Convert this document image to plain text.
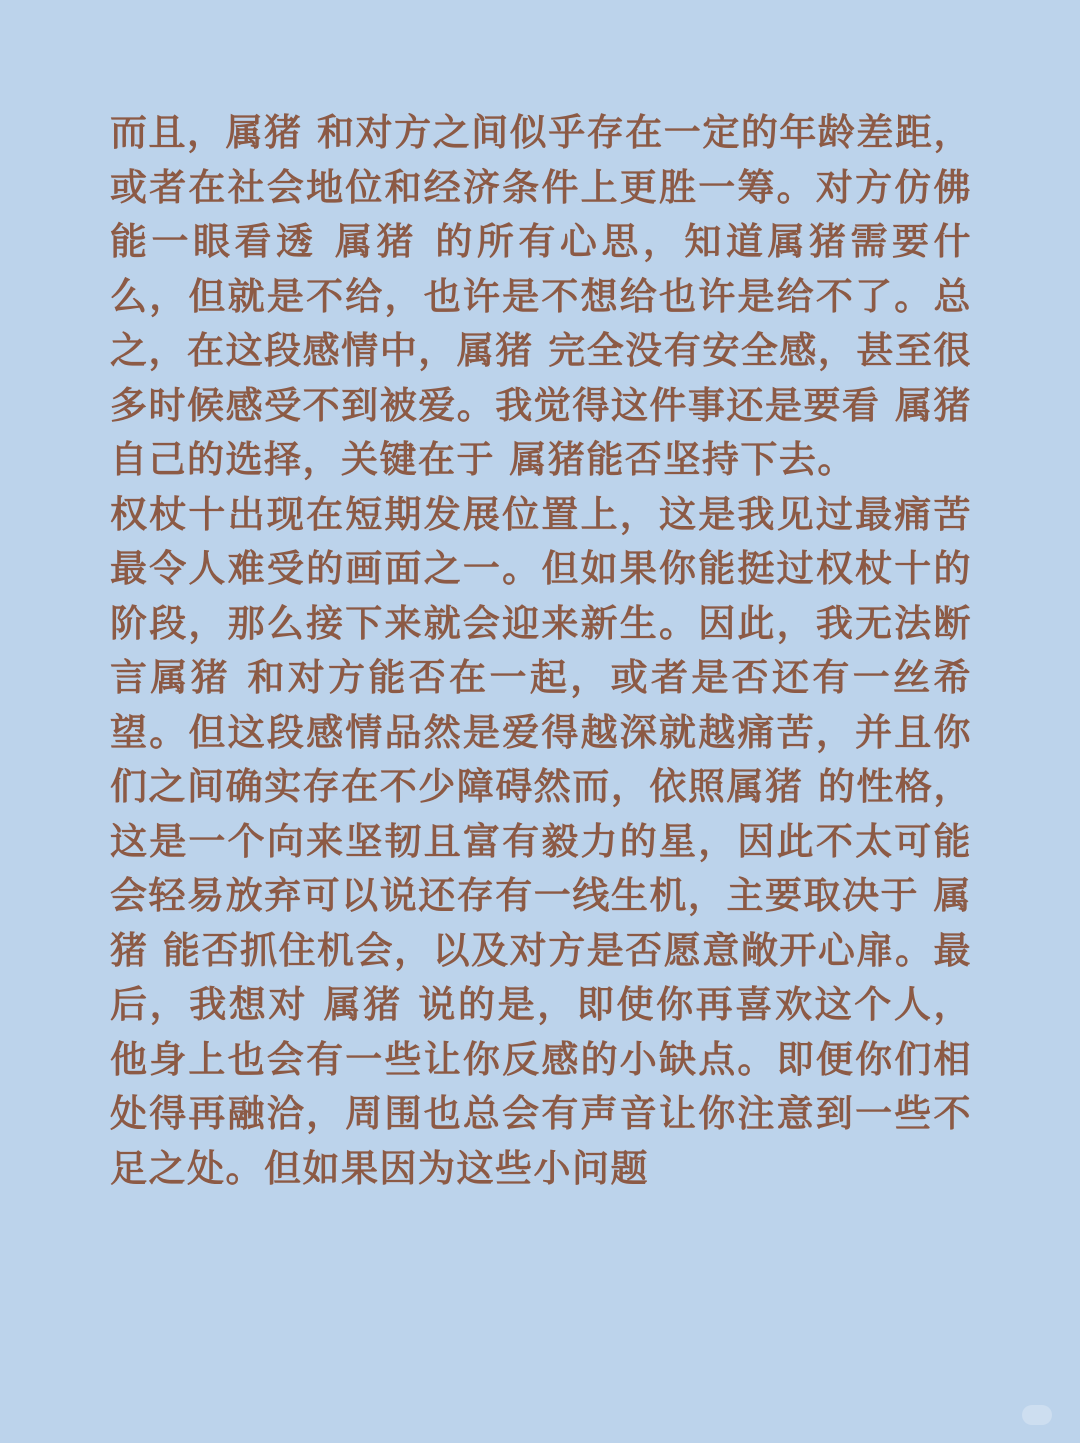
而且，属猪 和对方之间似乎存在一定的年龄差距，或者在社会地位和经济条件上更胜一筹。对方仿佛能一眼看透 属猪 的所有心思，知道属猪需要什么，但就是不给，也许是不想给也许是给不了。总之，在这段感情中，属猪 完全没有安全感，甚至很多时候感受不到被爱。我觉得这件事还是要看 属猪 自己的选择，关键在于 属猪能否坚持下去。

权杖十出现在短期发展位置上，这是我见过最痛苦最令人难受的画面之一。但如果你能挺过权杖十的阶段，那么接下来就会迎来新生。因此，我无法断言属猪 和对方能否在一起，或者是否还有一丝希望。但这段感情品然是爱得越深就越痛苦，并且你们之间确实存在不少障碍然而，依照属猪 的性格，这是一个向来坚韧且富有毅力的星，因此不太可能会轻易放弃可以说还存有一线生机，主要取决于 属猪 能否抓住机会，以及对方是否愿意敞开心扉。最后，我想对 属猪 说的是，即使你再喜欢这个人，他身上也会有一些让你反感的小缺点。即便你们相处得再融洽，周围也总会有声音让你注意到一些不足之处。但如果因为这些小问题
